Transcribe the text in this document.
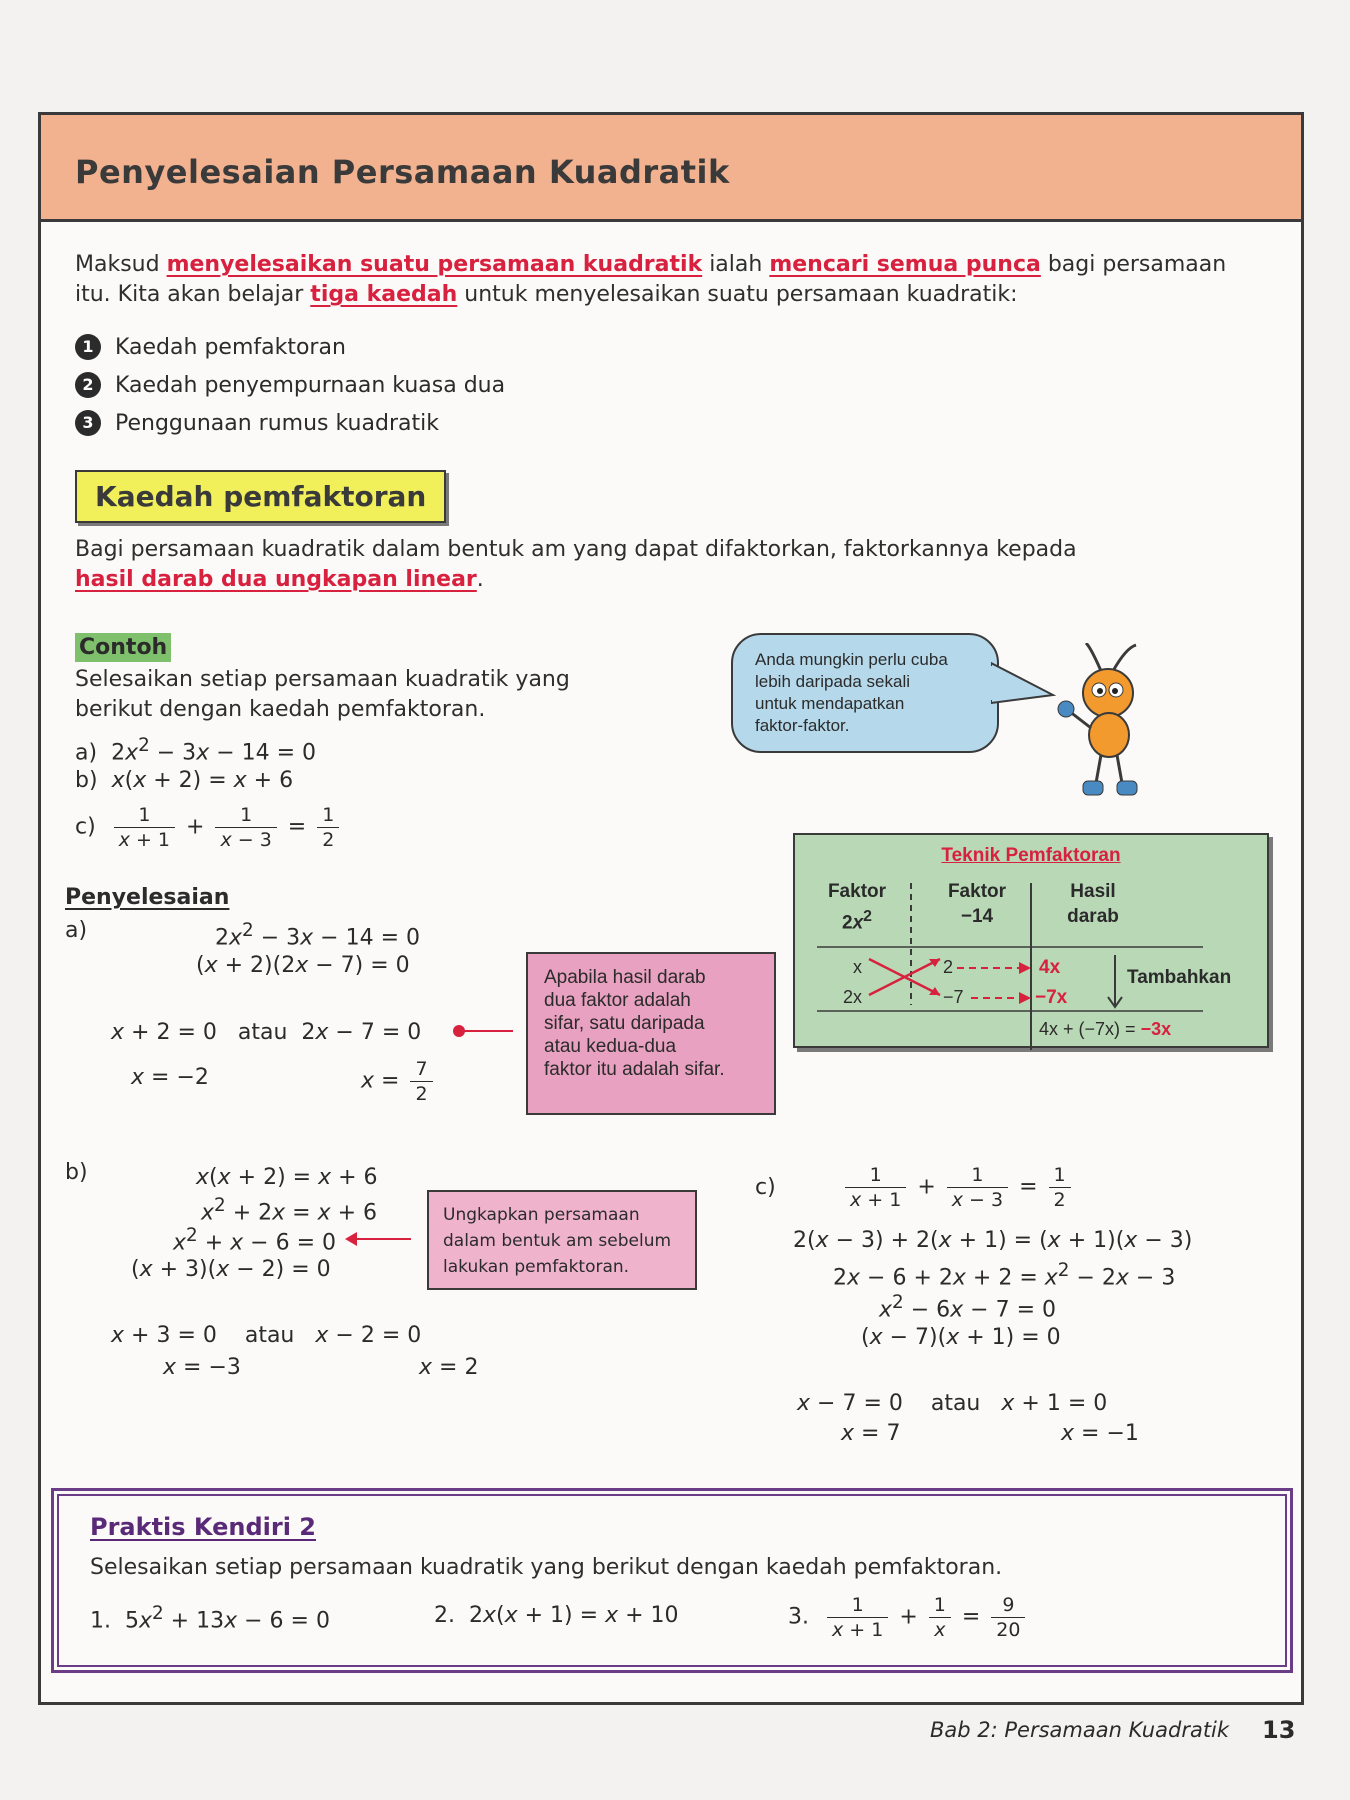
Penyelesaian Persamaan Kuadratik
Maksud menyelesaikan suatu persamaan kuadratik ialah mencari semua punca bagi persamaan
itu. Kita akan belajar tiga kaedah untuk menyelesaikan suatu persamaan kuadratik:
1 Kaedah pemfaktoran
2 Kaedah penyempurnaan kuasa dua
3 Penggunaan rumus kuadratik
Kaedah pemfaktoran
Bagi persamaan kuadratik dalam bentuk am yang dapat difaktorkan, faktorkannya kepada
hasil darab dua ungkapan linear.
Contoh
Selesaikan setiap persamaan kuadratik yang
berikut dengan kaedah pemfaktoran.
a)  $2x^2 - 3x - 14 = 0$
b) x(x + 2) = x + 6
$c) \frac{1}{x + 1} + \frac{1}{x - 3} = \frac{1}{2}$
Anda mungkin perlu cuba
lebih daripada sekali
untuk mendapatkan
faktor-faktor.
Teknik Pemfaktoran
Faktor
$2x^2$
Faktor
−14
Hasil
darab
x	2	4x
2x	−7	−7x
Tambahkan
4x + (−7x) = −3x
Penyelesaian
a)	$2x^2 - 3x - 14 = 0$
(x + 2)(2x − 7) = 0
x + 2 = 0   atau  2x − 7 = 0
x = −2	$x = \frac{7}{2}$
Apabila hasil darab
dua faktor adalah
sifar, satu daripada
atau kedua-dua
faktor itu adalah sifar.
b)	x(x + 2) = x + 6
$x^2 + 2x = x + 6$
$x^2 + x - 6 = 0$
(x + 3)(x − 2) = 0
x + 3 = 0    atau x − 2 = 0
x = −3	x = 2
Ungkapkan persamaan
dalam bentuk am sebelum
lakukan pemfaktoran.
c)	$\frac{1}{x + 1} + \frac{1}{x - 3} = \frac{1}{2}$
2(x − 3) + 2(x + 1) = (x + 1)(x − 3)
$2x - 6 + 2x + 2 = x^2 - 2x - 3$
$x^2 - 6x - 7 = 0$
(x − 7)(x + 1) = 0
x − 7 = 0    atau x + 1 = 0
x = 7	x = −1
Praktis Kendiri 2
Selesaikan setiap persamaan kuadratik yang berikut dengan kaedah pemfaktoran.
1.  $5x^2 + 13x - 6 = 0$	2.  2x(x + 1) = x + 10	3. $\frac{1}{x + 1} + \frac{1}{x} = \frac{9}{20}$
Bab 2: Persamaan Kuadratik 13
